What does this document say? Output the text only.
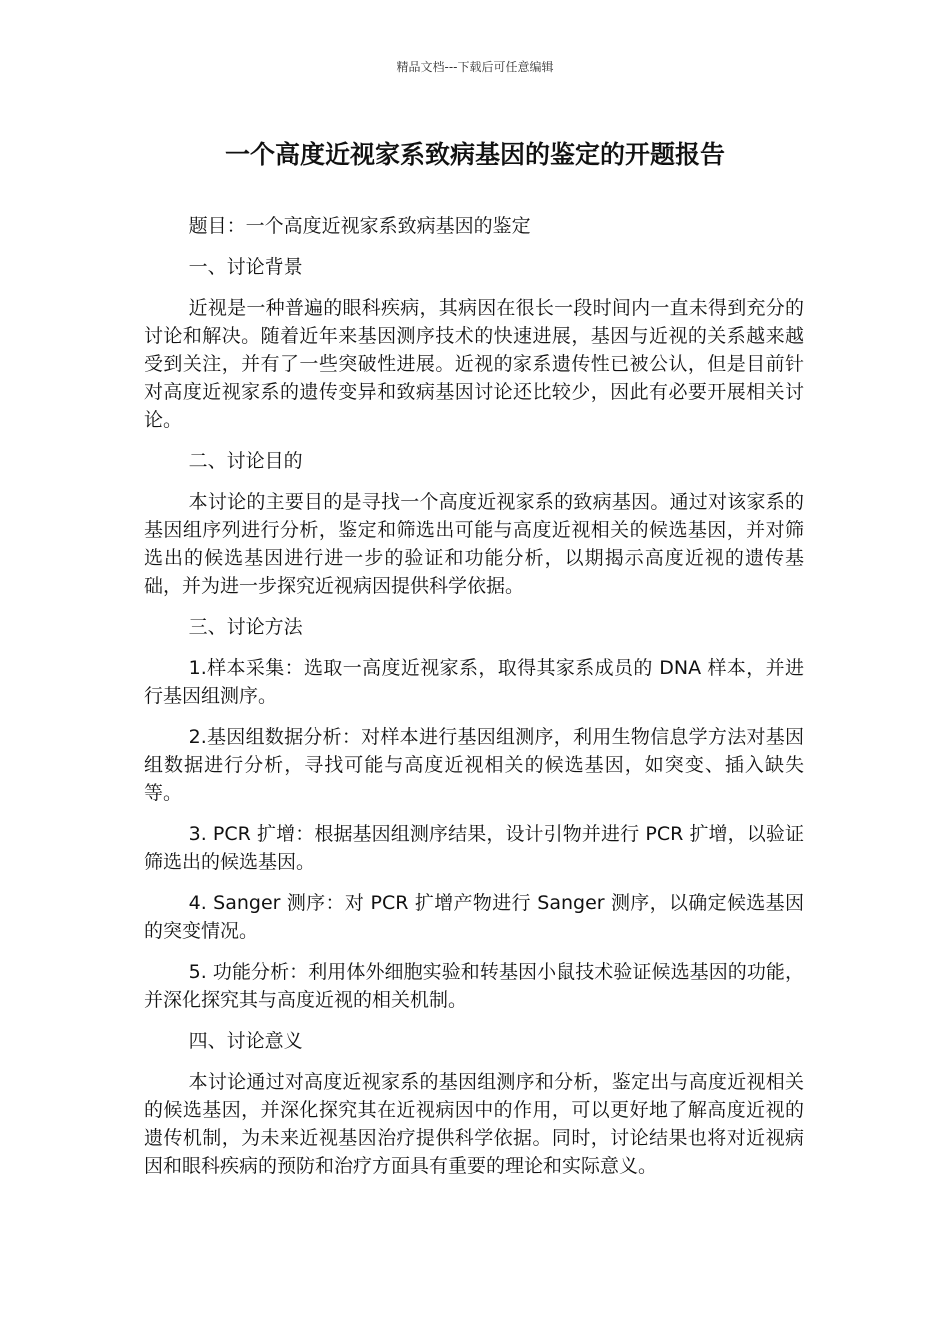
精品文档---下载后可任意编辑
一个高度近视家系致病基因的鉴定的开题报告

题目：一个高度近视家系致病基因的鉴定

一、讨论背景

近视是一种普遍的眼科疾病，其病因在很长一段时间内一直未得到充分的讨论和解决。随着近年来基因测序技术的快速进展，基因与近视的关系越来越受到关注，并有了一些突破性进展。近视的家系遗传性已被公认，但是目前针对高度近视家系的遗传变异和致病基因讨论还比较少，因此有必要开展相关讨论。

二、讨论目的

本讨论的主要目的是寻找一个高度近视家系的致病基因。通过对该家系的基因组序列进行分析，鉴定和筛选出可能与高度近视相关的候选基因，并对筛选出的候选基因进行进一步的验证和功能分析，以期揭示高度近视的遗传基础，并为进一步探究近视病因提供科学依据。

三、讨论方法

1.样本采集：选取一高度近视家系，取得其家系成员的 DNA 样本，并进行基因组测序。

2.基因组数据分析：对样本进行基因组测序，利用生物信息学方法对基因组数据进行分析，寻找可能与高度近视相关的候选基因，如突变、插入缺失等。

3. PCR 扩增：根据基因组测序结果，设计引物并进行 PCR 扩增，以验证筛选出的候选基因。

4. Sanger 测序：对 PCR 扩增产物进行 Sanger 测序，以确定候选基因的突变情况。

5. 功能分析：利用体外细胞实验和转基因小鼠技术验证候选基因的功能，并深化探究其与高度近视的相关机制。

四、讨论意义

本讨论通过对高度近视家系的基因组测序和分析，鉴定出与高度近视相关的候选基因，并深化探究其在近视病因中的作用，可以更好地了解高度近视的遗传机制，为未来近视基因治疗提供科学依据。同时，讨论结果也将对近视病因和眼科疾病的预防和治疗方面具有重要的理论和实际意义。
